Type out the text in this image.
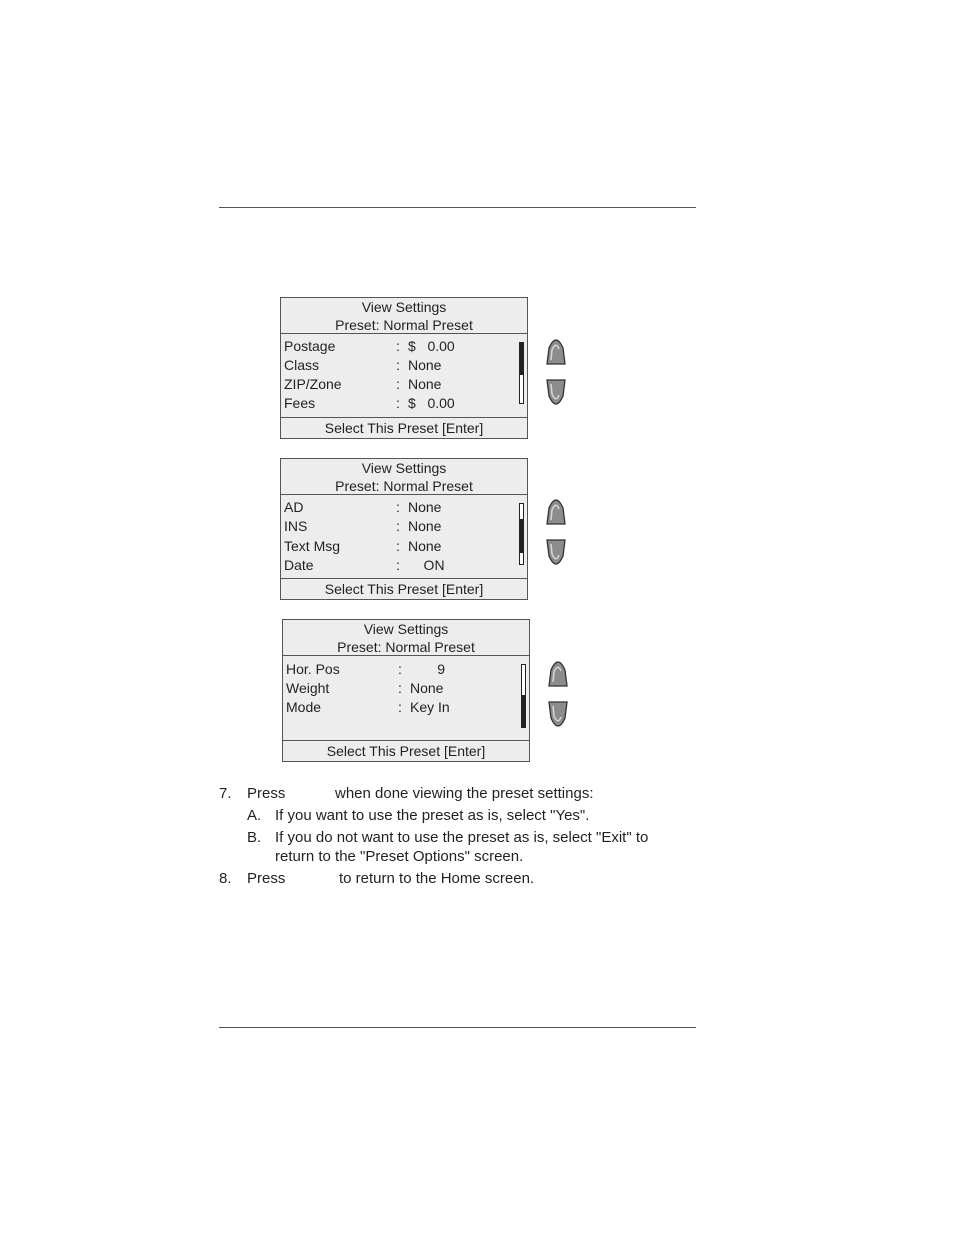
View Settings
Preset: Normal Preset
Postage	: $   0.00
Class	: None
ZIP/Zone	: None
Fees	: $   0.00
Select This Preset [Enter]
View Settings
Preset: Normal Preset
AD	: None
INS	: None
Text Msg	: None
Date	: ON
Select This Preset [Enter]
View Settings
Preset: Normal Preset
Hor. Pos	: 9
Weight	: None
Mode	: Key In
Select This Preset [Enter]
7. Press	when done viewing the preset settings:
A. If you want to use the preset as is, select "Yes".
B. If you do not want to use the preset as is, select "Exit" to
return to the "Preset Options" screen.
8. Press	to return to the Home screen.
